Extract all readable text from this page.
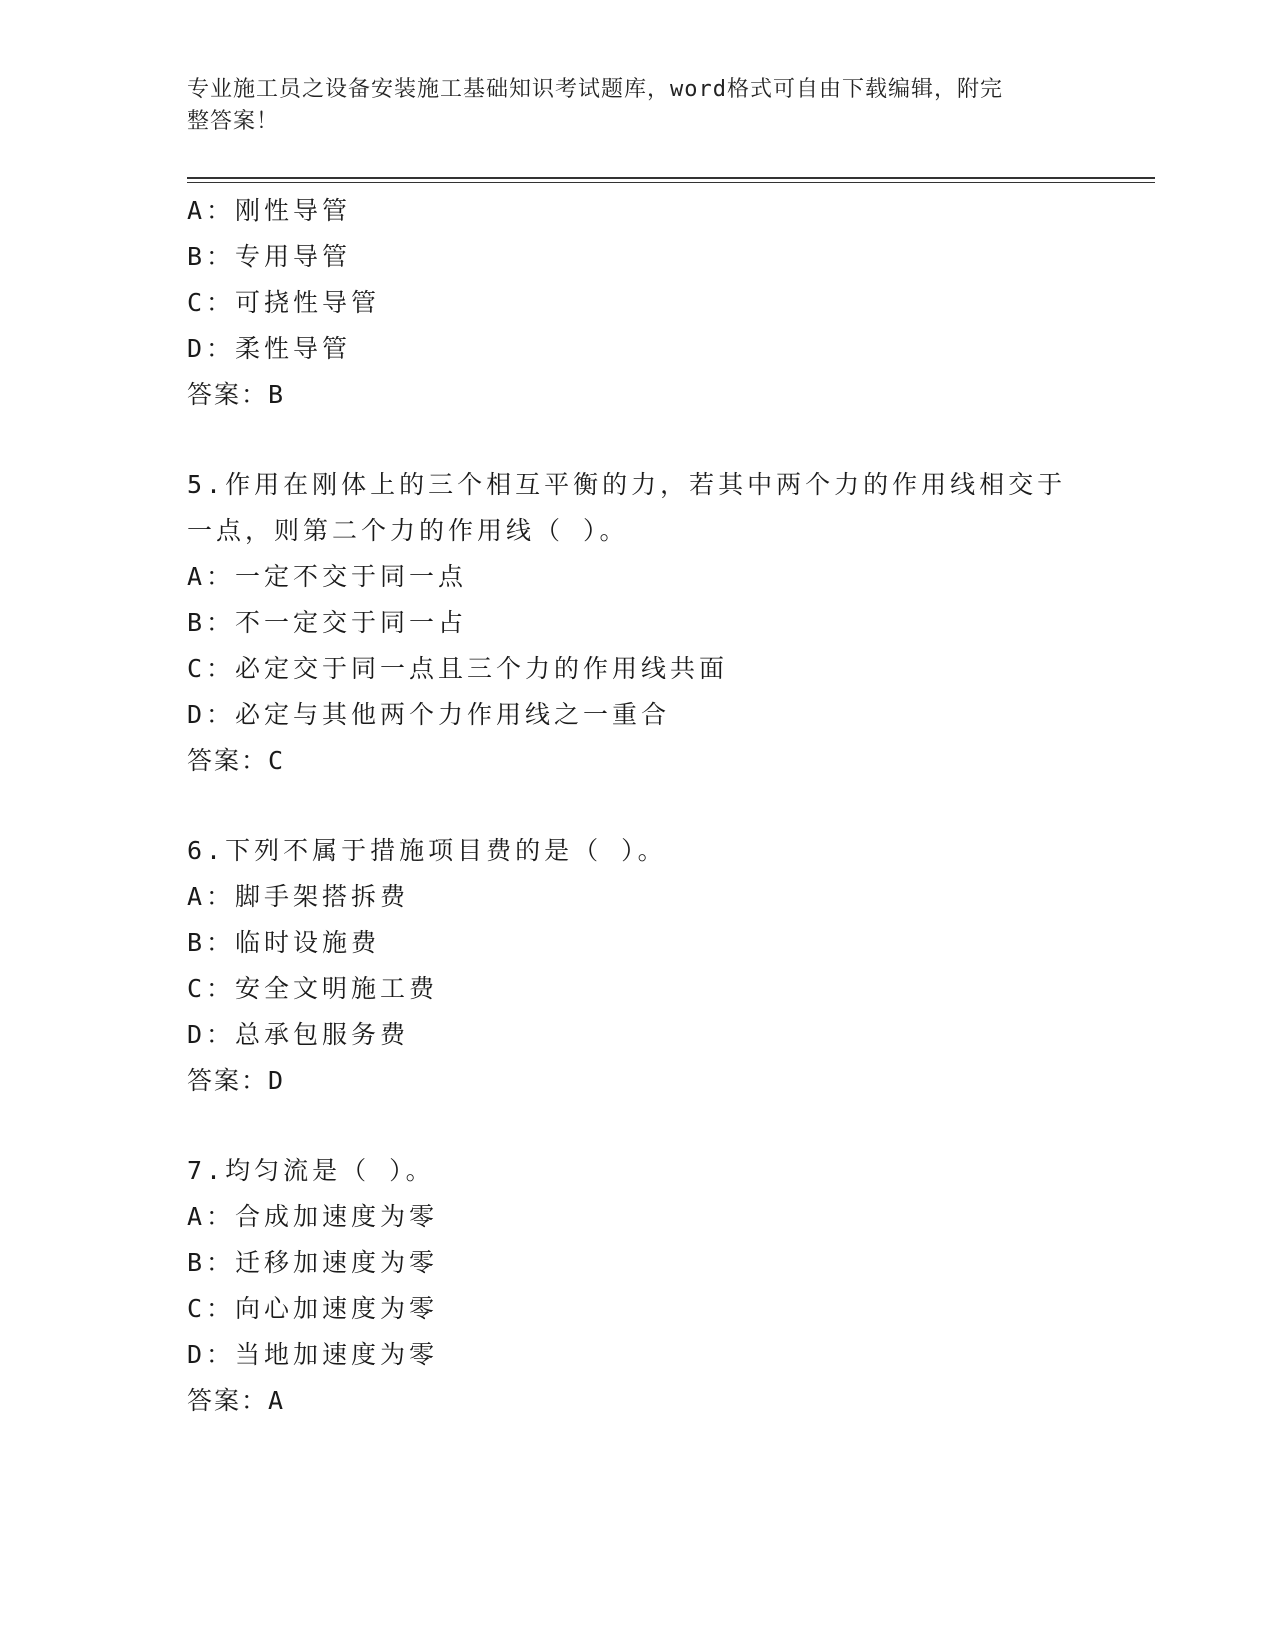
专业施工员之设备安装施工基础知识考试题库，word格式可自由下载编辑，附完
整答案！
A：刚性导管
B：专用导管
C：可挠性导管
D：柔性导管
答案：B
5.作用在刚体上的三个相互平衡的力，若其中两个力的作用线相交于
一点，则第二个力的作用线（ ）。
A：一定不交于同一点
B：不一定交于同一占
C：必定交于同一点且三个力的作用线共面
D：必定与其他两个力作用线之一重合
答案：C
6.下列不属于措施项目费的是（ ）。
A：脚手架搭拆费
B：临时设施费
C：安全文明施工费
D：总承包服务费
答案：D
7.均匀流是（ ）。
A：合成加速度为零
B：迁移加速度为零
C：向心加速度为零
D：当地加速度为零
答案：A
